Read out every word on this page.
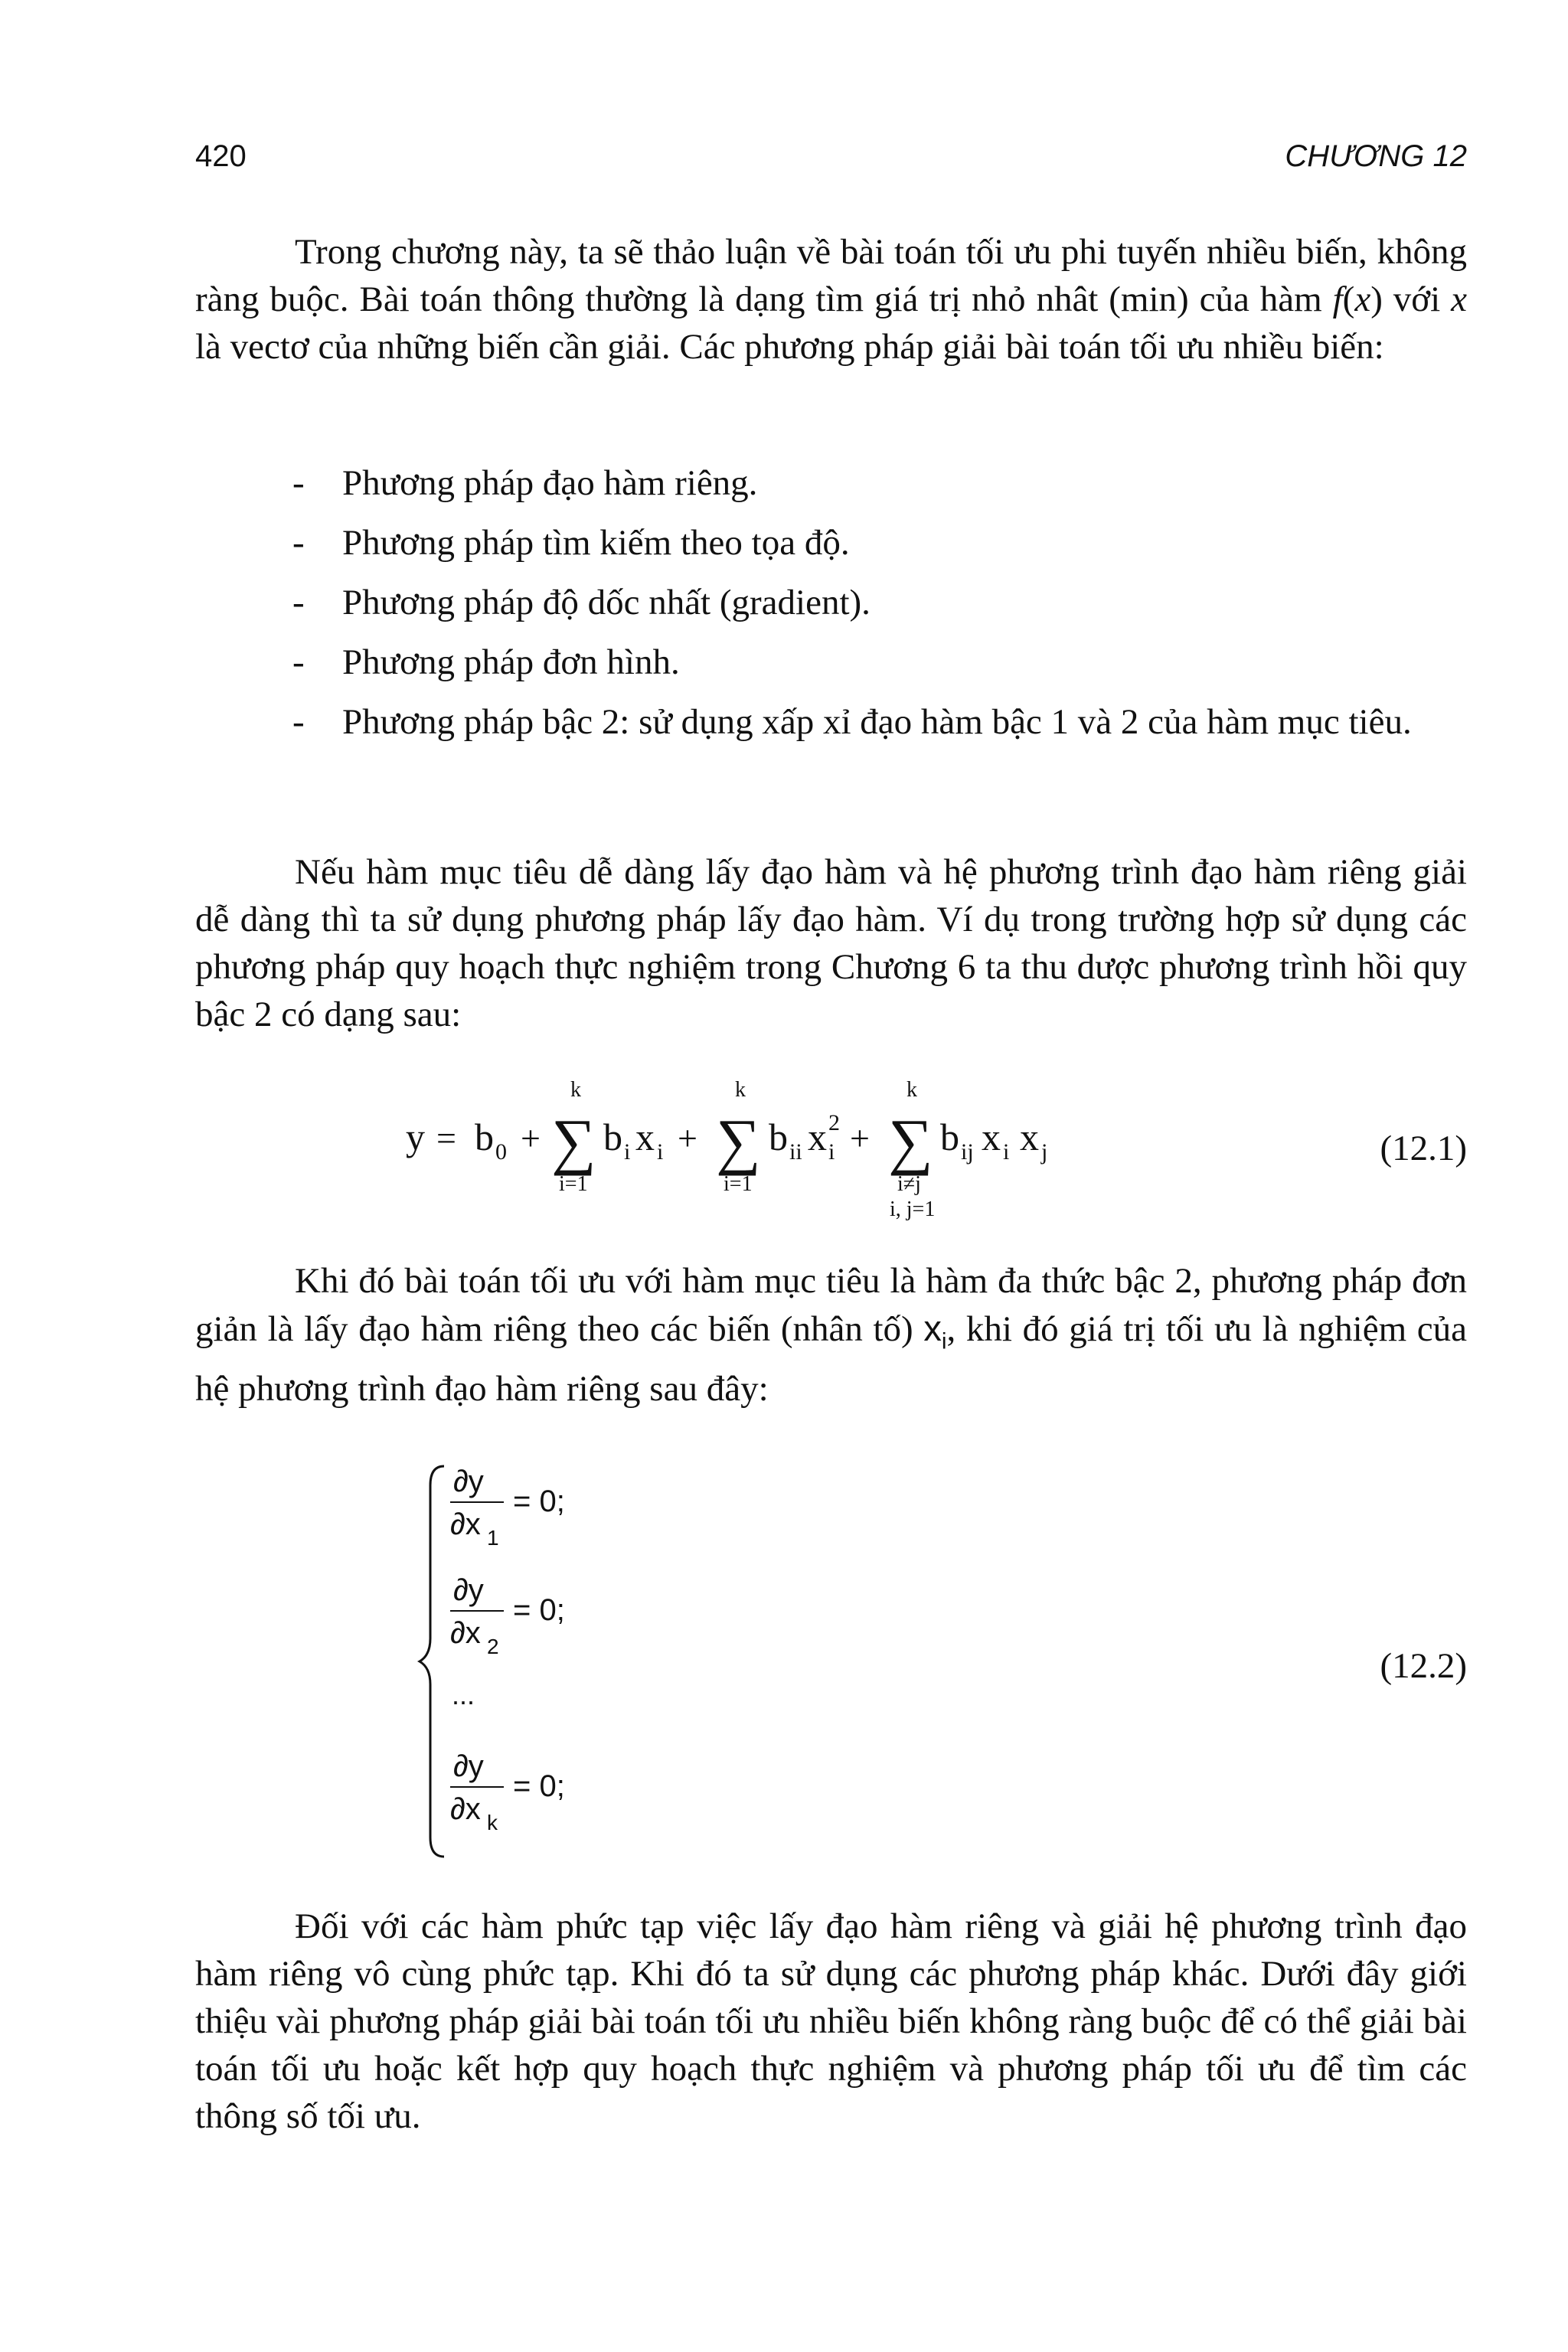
420	CHƯƠNG 12

Trong chương này, ta sẽ thảo luận về bài toán tối ưu phi tuyến nhiều biến, không ràng buộc. Bài toán thông thường là dạng tìm giá trị nhỏ nhât (min) của hàm f(x) với x là vectơ của những biến cần giải. Các phương pháp giải bài toán tối ưu nhiều biến:

- Phương pháp đạo hàm riêng.
- Phương pháp tìm kiếm theo tọa độ.
- Phương pháp độ dốc nhất (gradient).
- Phương pháp đơn hình.
- Phương pháp bậc 2: sử dụng xấp xỉ đạo hàm bậc 1 và 2 của hàm mục tiêu.

Nếu hàm mục tiêu dễ dàng lấy đạo hàm và hệ phương trình đạo hàm riêng giải dễ dàng thì ta sử dụng phương pháp lấy đạo hàm. Ví dụ trong trường hợp sử dụng các phương pháp quy hoạch thực nghiệm trong Chương 6 ta thu dược phương trình hồi quy bậc 2 có dạng sau:

y = b 0 +
k
∑
i=1
b i x i +
k
∑
i=1
b ii x i
2 +
k
∑
i≠j
i, j=1
b ij x i x j	(12.1)

Khi đó bài toán tối ưu với hàm mục tiêu là hàm đa thức bậc 2, phương pháp đơn giản là lấy đạo hàm riêng theo các biến (nhân tố) $x_i$, khi đó giá trị tối ưu là nghiệm của hệ phương trình đạo hàm riêng sau đây:

∂y
∂x 1
= 0;
∂y
∂x 2
= 0;
...
∂y
∂x k
= 0;
(12.2)

Đối với các hàm phức tạp việc lấy đạo hàm riêng và giải hệ phương trình đạo hàm riêng vô cùng phức tạp. Khi đó ta sử dụng các phương pháp khác. Dưới đây giới thiệu vài phương pháp giải bài toán tối ưu nhiều biến không ràng buộc để có thể giải bài toán tối ưu hoặc kết hợp quy hoạch thực nghiệm và phương pháp tối ưu để tìm các thông số tối ưu.
